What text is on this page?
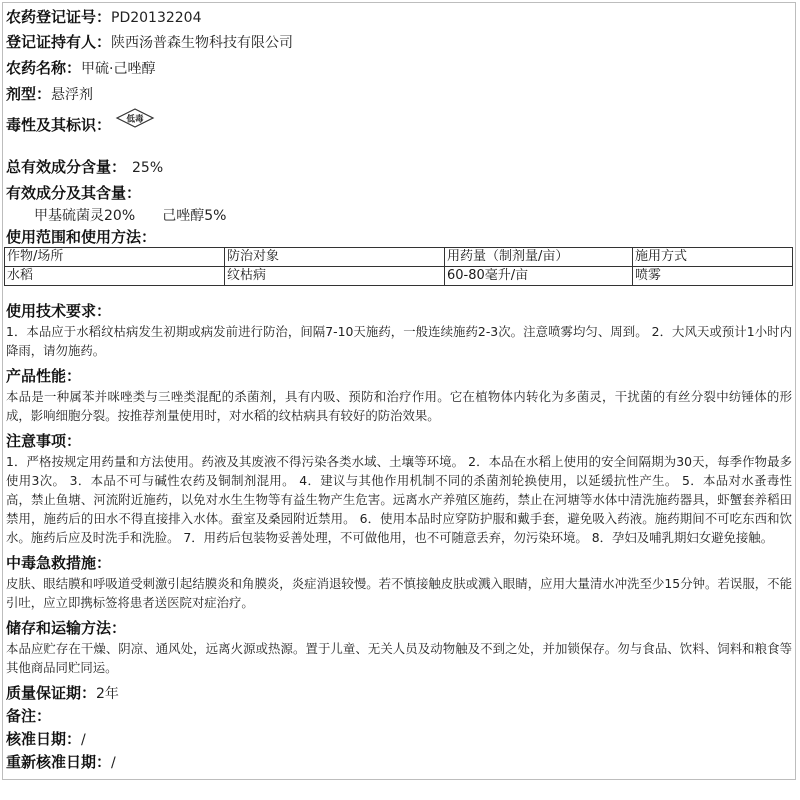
农药登记证号：PD20132204
登记证持有人：陕西汤普森生物科技有限公司
农药名称：甲硫·己唑醇
剂型：悬浮剂
毒性及其标识： 低毒
总有效成分含量： 25%
有效成分及其含量：
甲基硫菌灵20% 己唑醇5%
使用范围和使用方法：
作物/场所	防治对象	用药量（制剂量/亩）	施用方式
水稻	纹枯病	60-80毫升/亩	喷雾
使用技术要求：

1．本品应于水稻纹枯病发生初期或病发前进行防治，间隔7-10天施药，一般连续施药2-3次。注意喷雾均匀、周到。 2．大风天或预计1小时内降雨，请勿施药。

产品性能：

本品是一种属苯并咪唑类与三唑类混配的杀菌剂，具有内吸、预防和治疗作用。它在植物体内转化为多菌灵，干扰菌的有丝分裂中纺锤体的形成，影响细胞分裂。按推荐剂量使用时，对水稻的纹枯病具有较好的防治效果。

注意事项：

1．严格按规定用药量和方法使用。药液及其废液不得污染各类水域、土壤等环境。 2．本品在水稻上使用的安全间隔期为30天，每季作物最多使用3次。 3．本品不可与碱性农药及铜制剂混用。 4．建议与其他作用机制不同的杀菌剂轮换使用，以延缓抗性产生。 5．本品对水蚤毒性高，禁止鱼塘、河流附近施药，以免对水生生物等有益生物产生危害。远离水产养殖区施药，禁止在河塘等水体中清洗施药器具，虾蟹套养稻田禁用，施药后的田水不得直接排入水体。蚕室及桑园附近禁用。 6．使用本品时应穿防护服和戴手套，避免吸入药液。施药期间不可吃东西和饮水。施药后应及时洗手和洗脸。 7．用药后包装物妥善处理，不可做他用，也不可随意丢弃，勿污染环境。 8．孕妇及哺乳期妇女避免接触。

中毒急救措施：

皮肤、眼结膜和呼吸道受刺激引起结膜炎和角膜炎，炎症消退较慢。若不慎接触皮肤或溅入眼睛，应用大量清水冲洗至少15分钟。若误服，不能引吐，应立即携标签将患者送医院对症治疗。

储存和运输方法：

本品应贮存在干燥、阴凉、通风处，远离火源或热源。置于儿童、无关人员及动物触及不到之处，并加锁保存。勿与食品、饮料、饲料和粮食等其他商品同贮同运。

质量保证期：2年
备注：
核准日期：/
重新核准日期：/
